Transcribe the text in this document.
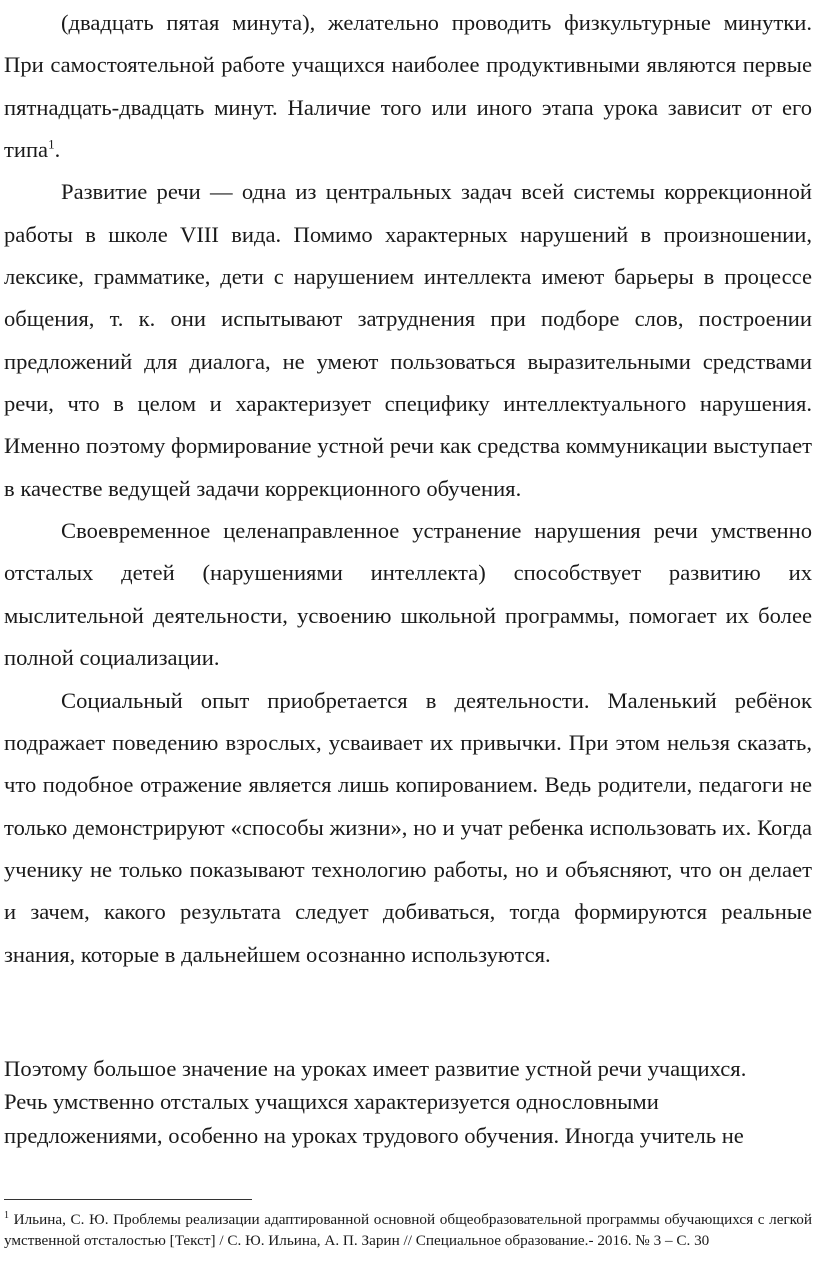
(двадцать пятая минута), желательно проводить физкультурные минутки. При самостоятельной работе учащихся наиболее продуктивными являются первые пятнадцать-двадцать минут. Наличие того или иного этапа урока зависит от его типа$^1$.

Развитие речи — одна из центральных задач всей системы коррекционной работы в школе VIII вида. Помимо характерных нарушений в произношении, лексике, грамматике, дети с нарушением интеллекта имеют барьеры в процессе общения, т. к. они испытывают затруднения при подборе слов, построении предложений для диалога, не умеют пользоваться выразительными средствами речи, что в целом и характеризует специфику интеллектуального нарушения. Именно поэтому формирование устной речи как средства коммуникации выступает в качестве ведущей задачи коррекционного обучения.

Своевременное целенаправленное устранение нарушения речи умственно отсталых детей (нарушениями интеллекта) способствует развитию их мыслительной деятельности, усвоению школьной программы, помогает их более полной социализации.

Социальный опыт приобретается в деятельности. Маленький ребёнок подражает поведению взрослых, усваивает их привычки. При этом нельзя сказать, что подобное отражение является лишь копированием. Ведь родители, педагоги не только демонстрируют «способы жизни», но и учат ребенка использовать их. Когда ученику не только показывают технологию работы, но и объясняют, что он делает и зачем, какого результата следует добиваться, тогда формируются реальные знания, которые в дальнейшем осознанно используются.

Поэтому большое значение на уроках имеет развитие устной речи учащихся.

Речь умственно отсталых учащихся характеризуется однословными

предложениями, особенно на уроках трудового обучения. Иногда учитель не

$^1$ Ильина, С. Ю. Проблемы реализации адаптированной основной общеобразовательной программы обучающихся с легкой умственной отсталостью [Текст] / С. Ю. Ильина, А. П. Зарин // Специальное образование.- 2016. № 3 – С. 30
